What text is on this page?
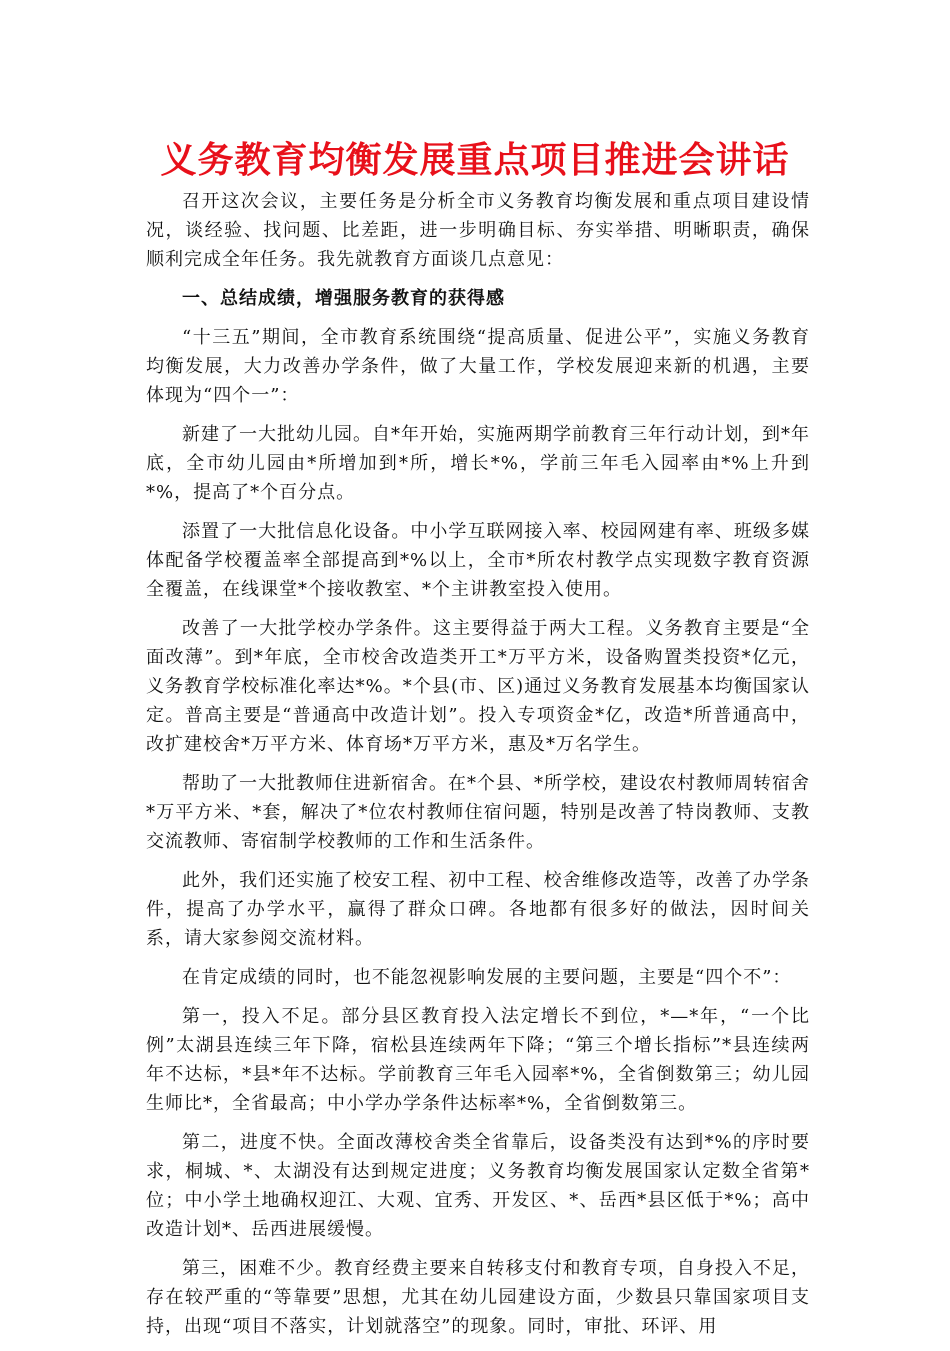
义务教育均衡发展重点项目推进会讲话

召开这次会议，主要任务是分析全市义务教育均衡发展和重点项目建设情况，谈经验、找问题、比差距，进一步明确目标、夯实举措、明晰职责，确保顺利完成全年任务。我先就教育方面谈几点意见：

一、总结成绩，增强服务教育的获得感

“十三五”期间，全市教育系统围绕“提高质量、促进公平”，实施义务教育均衡发展，大力改善办学条件，做了大量工作，学校发展迎来新的机遇，主要体现为“四个一”：

新建了一大批幼儿园。自*年开始，实施两期学前教育三年行动计划，到*年底，全市幼儿园由*所增加到*所，增长*%，学前三年毛入园率由*%上升到*%，提高了*个百分点。

添置了一大批信息化设备。中小学互联网接入率、校园网建有率、班级多媒体配备学校覆盖率全部提高到*%以上，全市*所农村教学点实现数字教育资源全覆盖，在线课堂*个接收教室、*个主讲教室投入使用。

改善了一大批学校办学条件。这主要得益于两大工程。义务教育主要是“全面改薄”。到*年底，全市校舍改造类开工*万平方米，设备购置类投资*亿元，义务教育学校标准化率达*%。*个县(市、区)通过义务教育发展基本均衡国家认定。普高主要是“普通高中改造计划”。投入专项资金*亿，改造*所普通高中，改扩建校舍*万平方米、体育场*万平方米，惠及*万名学生。

帮助了一大批教师住进新宿舍。在*个县、*所学校，建设农村教师周转宿舍*万平方米、*套，解决了*位农村教师住宿问题，特别是改善了特岗教师、支教交流教师、寄宿制学校教师的工作和生活条件。

此外，我们还实施了校安工程、初中工程、校舍维修改造等，改善了办学条件，提高了办学水平，赢得了群众口碑。各地都有很多好的做法，因时间关系，请大家参阅交流材料。

在肯定成绩的同时，也不能忽视影响发展的主要问题，主要是“四个不”：

第一，投入不足。部分县区教育投入法定增长不到位，*—*年，“一个比例”太湖县连续三年下降，宿松县连续两年下降；“第三个增长指标”*县连续两年不达标，*县*年不达标。学前教育三年毛入园率*%，全省倒数第三；幼儿园生师比*，全省最高；中小学办学条件达标率*%，全省倒数第三。

第二，进度不快。全面改薄校舍类全省靠后，设备类没有达到*%的序时要求，桐城、*、太湖没有达到规定进度；义务教育均衡发展国家认定数全省第*位；中小学土地确权迎江、大观、宜秀、开发区、*、岳西*县区低于*%；高中改造计划*、岳西进展缓慢。

第三，困难不少。教育经费主要来自转移支付和教育专项，自身投入不足，存在较严重的“等靠要”思想，尤其在幼儿园建设方面，少数县只靠国家项目支持，出现“项目不落实，计划就落空”的现象。同时，审批、环评、用
